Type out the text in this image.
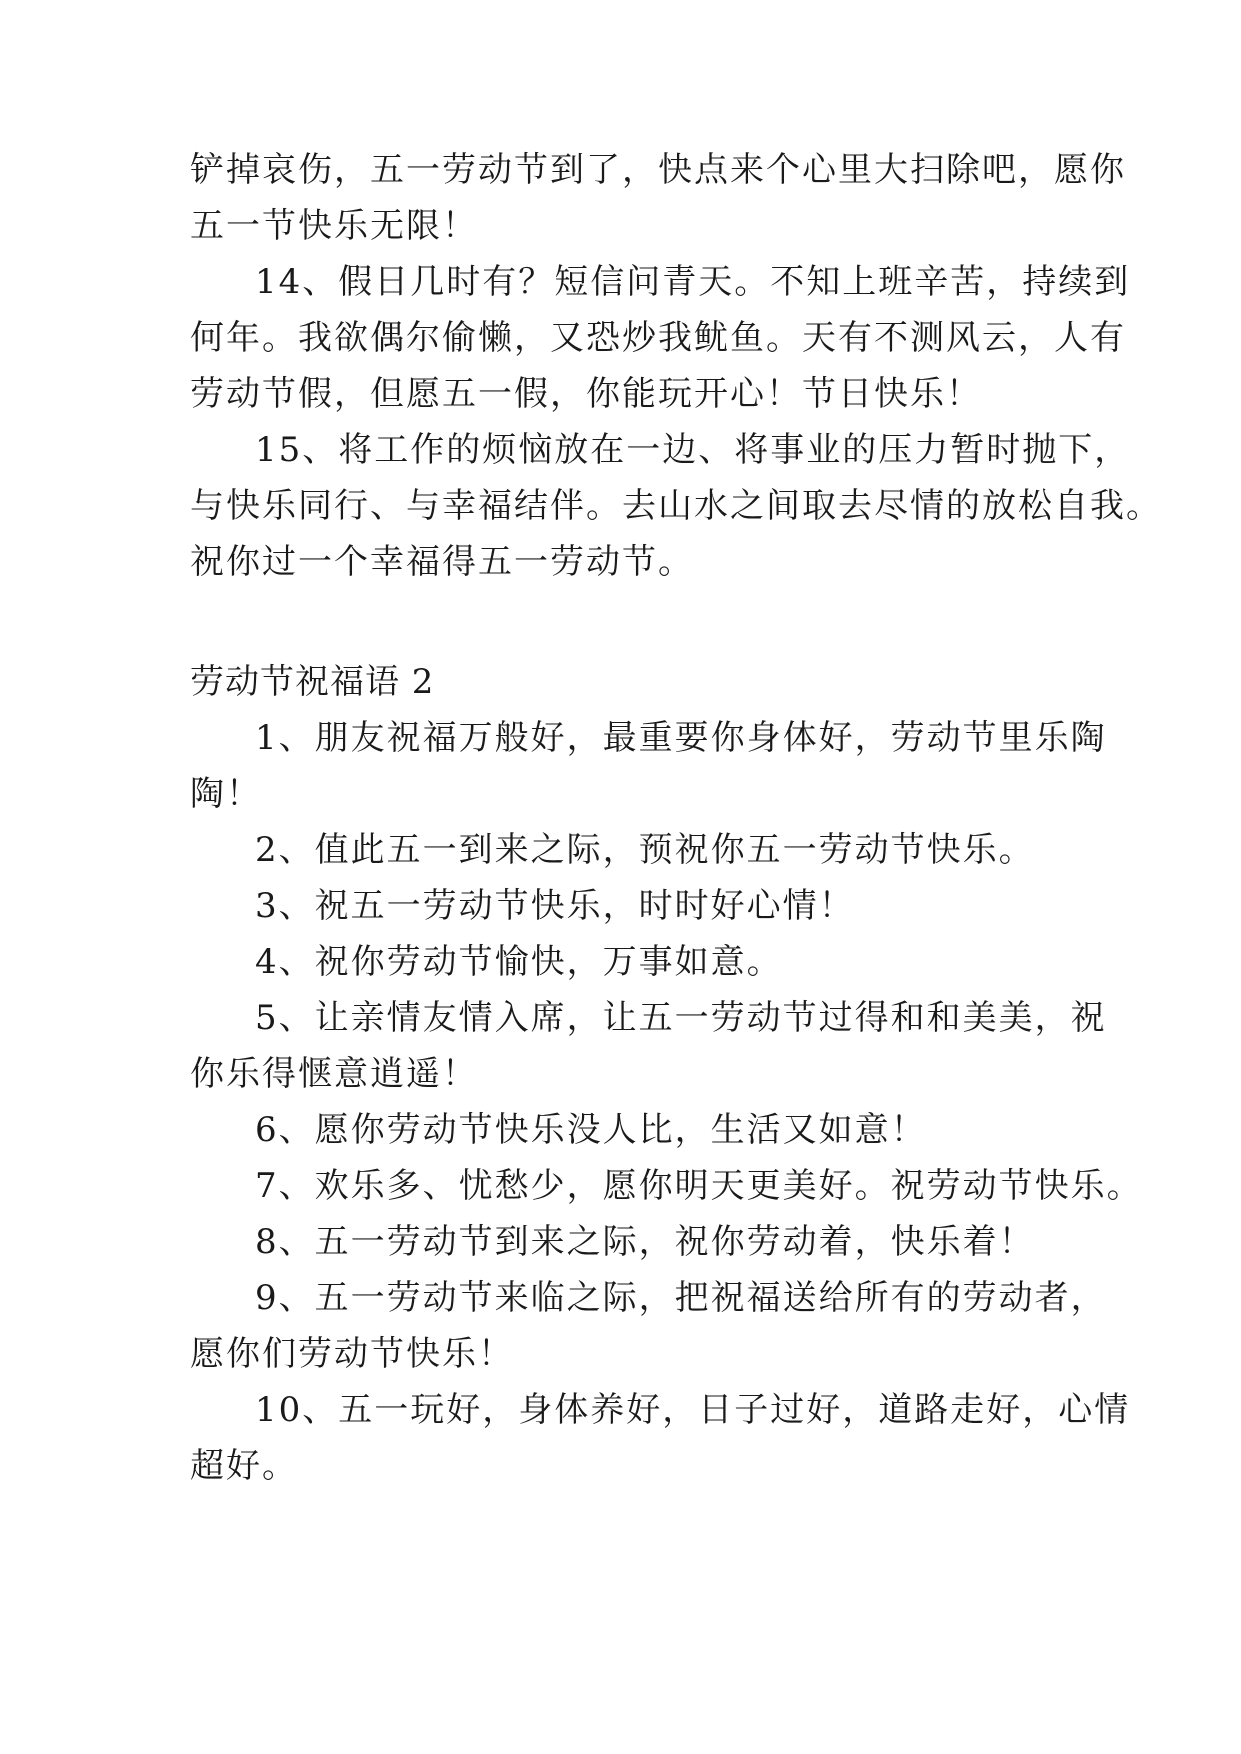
铲掉哀伤，五一劳动节到了，快点来个心里大扫除吧，愿你
五一节快乐无限！
14、假日几时有？短信问青天。不知上班辛苦，持续到
何年。我欲偶尔偷懒，又恐炒我鱿鱼。天有不测风云，人有
劳动节假，但愿五一假，你能玩开心！节日快乐！
15、将工作的烦恼放在一边、将事业的压力暂时抛下，
与快乐同行、与幸福结伴。去山水之间取去尽情的放松自我。
祝你过一个幸福得五一劳动节。
劳动节祝福语 2
1、朋友祝福万般好，最重要你身体好，劳动节里乐陶
陶！
2、值此五一到来之际，预祝你五一劳动节快乐。
3、祝五一劳动节快乐，时时好心情！
4、祝你劳动节愉快，万事如意。
5、让亲情友情入席，让五一劳动节过得和和美美，祝
你乐得惬意逍遥！
6、愿你劳动节快乐没人比，生活又如意！
7、欢乐多、忧愁少，愿你明天更美好。祝劳动节快乐。
8、五一劳动节到来之际，祝你劳动着，快乐着！
9、五一劳动节来临之际，把祝福送给所有的劳动者，
愿你们劳动节快乐！
10、五一玩好，身体养好，日子过好，道路走好，心情
超好。
